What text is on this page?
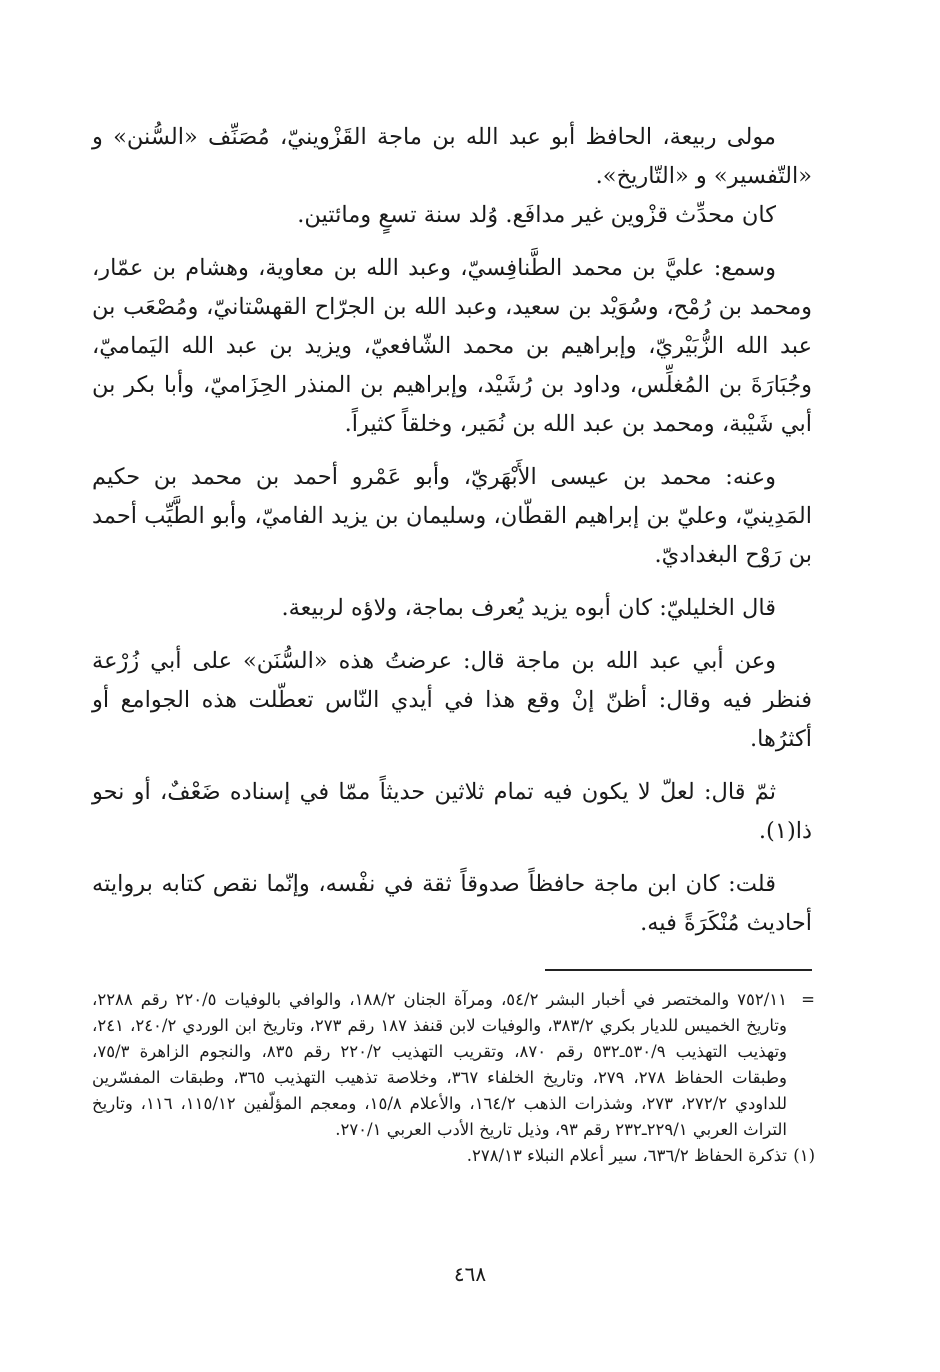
مولى ربيعة، الحافظ أبو عبد الله بن ماجة القَزْوينيّ، مُصَنِّف «السُّنن» و «التّفسير» و «التّاريخ».

كان محدِّث قزْوين غير مدافَع. وُلد سنة تسعٍ ومائتين.

وسمع: عليَّ بن محمد الطَّنافِسيّ، وعبد الله بن معاوية، وهشام بن عمّار، ومحمد بن رُمْح، وسُوَيْد بن سعيد، وعبد الله بن الجرّاح القهسْتانيّ، ومُصْعَب بن عبد الله الزُّبَيْريّ، وإبراهيم بن محمد الشّافعيّ، ويزيد بن عبد الله اليَماميّ، وجُبَارَةَ بن المُغلِّس، وداود بن رُشَيْد، وإبراهيم بن المنذر الحِزَاميّ، وأبا بكر بن أبي شَيْبة، ومحمد بن عبد الله بن نُمَير، وخلقاً كثيراً.

وعنه: محمد بن عيسى الأَبْهَريّ، وأبو عَمْرو أحمد بن محمد بن حكيم المَدِينيّ، وعليّ بن إبراهيم القطّان، وسليمان بن يزيد الفاميّ، وأبو الطَّيِّب أحمد بن رَوْح البغداديّ.

قال الخليليّ: كان أبوه يزيد يُعرف بماجة، ولاؤه لربيعة.

وعن أبي عبد الله بن ماجة قال: عرضتُ هذه «السُّنَن» على أبي زُرْعة فنظر فيه وقال: أظنّ إنْ وقع هذا في أيدي النّاس تعطّلت هذه الجوامع أو أكثرُها.

ثمّ قال: لعلّ لا يكون فيه تمام ثلاثين حديثاً ممّا في إسناده ضَعْفٌ، أو نحو ذا(١).

قلت: كان ابن ماجة حافظاً صدوقاً ثقة في نفْسه، وإنّما نقص كتابه بروايته أحاديث مُنْكَرَةً فيه.

=
٧٥٢/١١ والمختصر في أخبار البشر ٥٤/٢، ومرآة الجنان ١٨٨/٢، والوافي بالوفيات ٢٢٠/٥ رقم ٢٢٨٨، وتاريخ الخميس للديار بكري ٣٨٣/٢، والوفيات لابن قنفذ ١٨٧ رقم ٢٧٣، وتاريخ ابن الوردي ٢٤٠/٢، ٢٤١، وتهذيب التهذيب ٥٣٠/٩ـ٥٣٢ رقم ٨٧٠، وتقريب التهذيب ٢٢٠/٢ رقم ٨٣٥، والنجوم الزاهرة ٧٥/٣، وطبقات الحفاظ ٢٧٨، ٢٧٩، وتاريخ الخلفاء ٣٦٧، وخلاصة تذهيب التهذيب ٣٦٥، وطبقات المفسّرين للداودي ٢٧٢/٢، ٢٧٣، وشذرات الذهب ١٦٤/٢، والأعلام ١٥/٨، ومعجم المؤلّفين ١١٥/١٢، ١١٦، وتاريخ التراث العربي ٢٢٩/١ـ٢٣٢ رقم ٩٣، وذيل تاريخ الأدب العربي ٢٧٠/١.
(١)
تذكرة الحفاظ ٦٣٦/٢، سير أعلام النبلاء ٢٧٨/١٣.
٤٦٨
